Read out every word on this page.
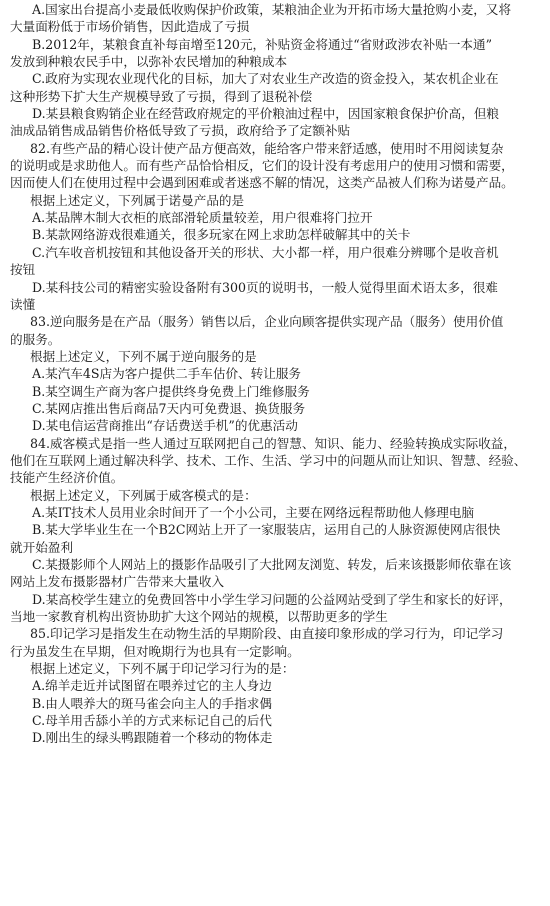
A.国家出台提高小麦最低收购保护价政策，某粮油企业为开拓市场大量抢购小麦，又将
大量面粉低于市场价销售，因此造成了亏损
B.2012年，某粮食直补每亩增至120元，补贴资金将通过“省财政涉农补贴一本通”
发放到种粮农民手中，以弥补农民增加的种粮成本
C.政府为实现农业现代化的目标，加大了对农业生产改造的资金投入，某农机企业在
这种形势下扩大生产规模导致了亏损，得到了退税补偿
D.某县粮食购销企业在经营政府规定的平价粮油过程中，因国家粮食保护价高，但粮
油成品销售成品销售价格低导致了亏损，政府给予了定额补贴
82.有些产品的精心设计使产品方便高效，能给客户带来舒适感，使用时不用阅读复杂
的说明或是求助他人。而有些产品恰恰相反，它们的设计没有考虑用户的使用习惯和需要，
因而使人们在使用过程中会遇到困难或者迷惑不解的情况，这类产品被人们称为诺曼产品。
根据上述定义，下列属于诺曼产品的是
A.某品牌木制大衣柜的底部滑轮质量较差，用户很难将门拉开
B.某款网络游戏很难通关，很多玩家在网上求助怎样破解其中的关卡
C.汽车收音机按钮和其他设备开关的形状、大小都一样，用户很难分辨哪个是收音机
按钮
D.某科技公司的精密实验设备附有300页的说明书，一般人觉得里面术语太多，很难
读懂
83.逆向服务是在产品（服务）销售以后，企业向顾客提供实现产品（服务）使用价值
的服务。
根据上述定义，下列不属于逆向服务的是
A.某汽车4S店为客户提供二手车估价、转让服务
B.某空调生产商为客户提供终身免费上门维修服务
C.某网店推出售后商品7天内可免费退、换货服务
D.某电信运营商推出“存话费送手机”的优惠活动
84.威客模式是指一些人通过互联网把自己的智慧、知识、能力、经验转换成实际收益，
他们在互联网上通过解决科学、技术、工作、生活、学习中的问题从而让知识、智慧、经验、
技能产生经济价值。
根据上述定义，下列属于威客模式的是：
A.某IT技术人员用业余时间开了一个小公司，主要在网络远程帮助他人修理电脑
B.某大学毕业生在一个B2C网站上开了一家服装店，运用自己的人脉资源使网店很快
就开始盈利
C.某摄影师个人网站上的摄影作品吸引了大批网友浏览、转发，后来该摄影师依靠在该
网站上发布摄影器材广告带来大量收入
D.某高校学生建立的免费回答中小学生学习问题的公益网站受到了学生和家长的好评，
当地一家教育机构出资协助扩大这个网站的规模，以帮助更多的学生
85.印记学习是指发生在动物生活的早期阶段、由直接印象形成的学习行为，印记学习
行为虽发生在早期，但对晚期行为也具有一定影响。
根据上述定义，下列不属于印记学习行为的是：
A.绵羊走近并试图留在喂养过它的主人身边
B.由人喂养大的斑马雀会向主人的手指求偶
C.母羊用舌舔小羊的方式来标记自己的后代
D.刚出生的绿头鸭跟随着一个移动的物体走
